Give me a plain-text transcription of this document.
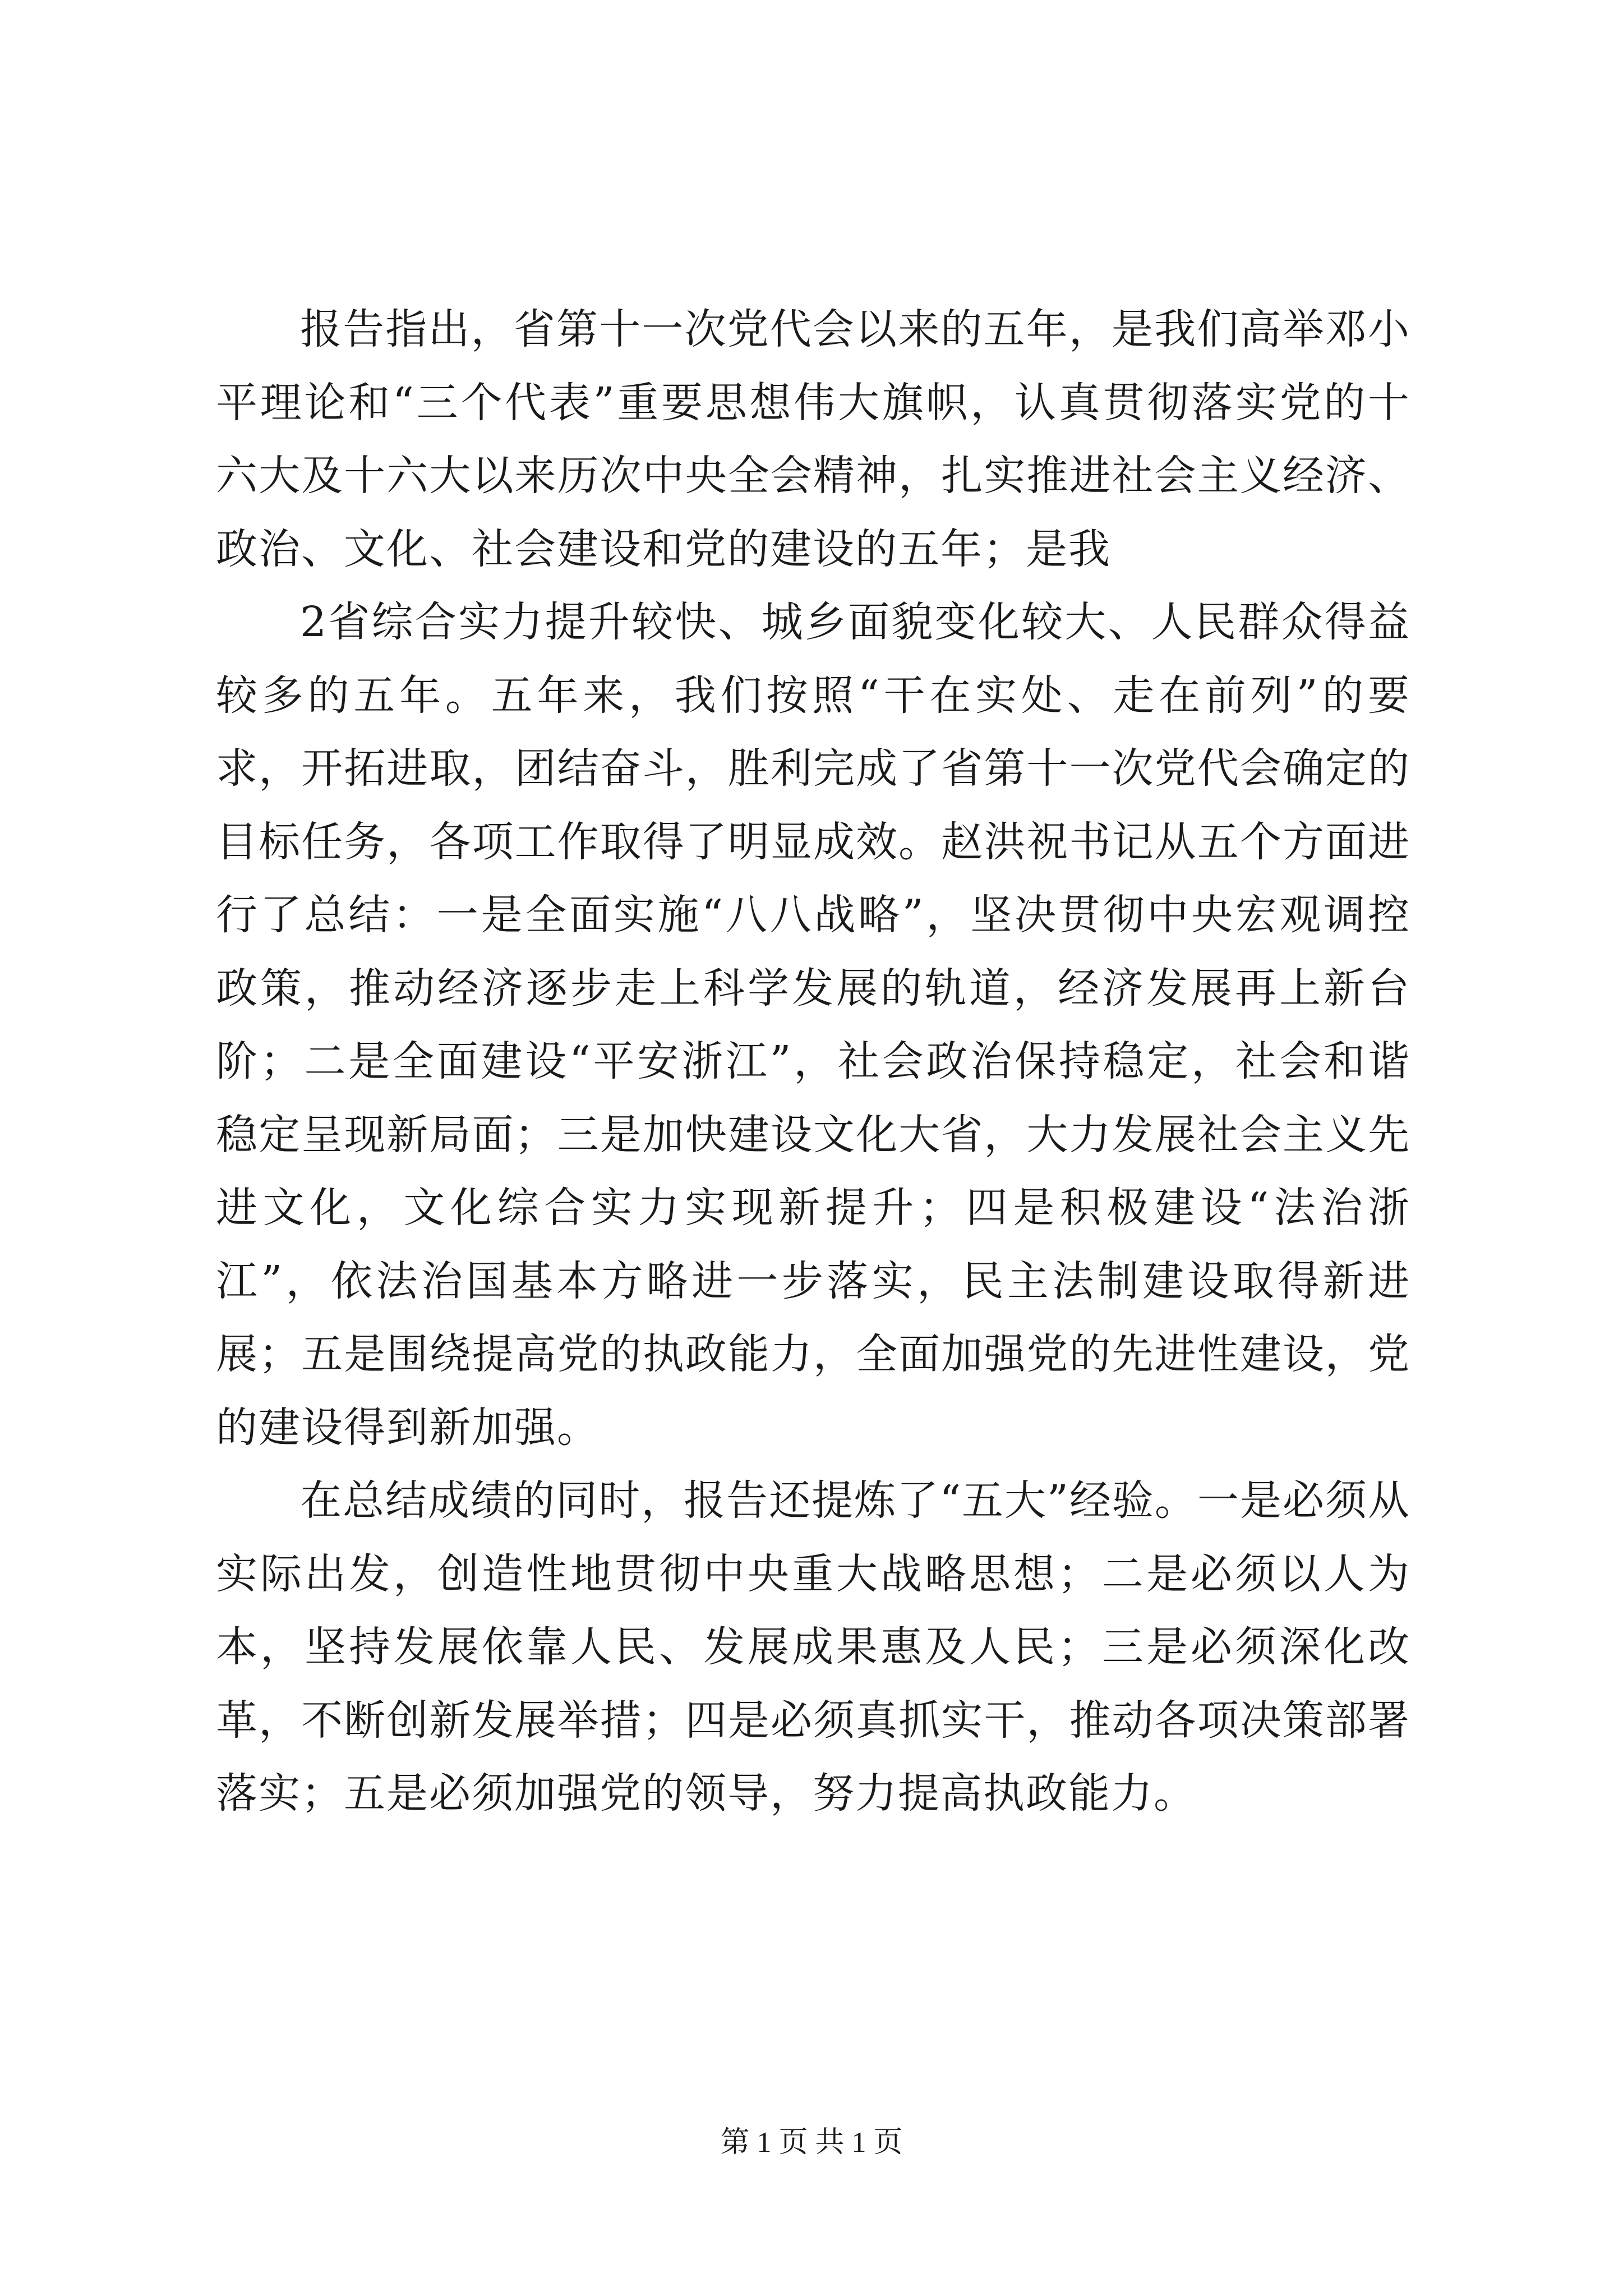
报告指出，省第十一次党代会以来的五年，是我们高举邓小平理论和“三个代表”重要思想伟大旗帜，认真贯彻落实党的十六大及十六大以来历次中央全会精神，扎实推进社会主义经济、政治、文化、社会建设和党的建设的五年；是我

2省综合实力提升较快、城乡面貌变化较大、人民群众得益较多的五年。五年来，我们按照“干在实处、走在前列”的要求，开拓进取，团结奋斗，胜利完成了省第十一次党代会确定的目标任务，各项工作取得了明显成效。赵洪祝书记从五个方面进行了总结：一是全面实施“八八战略”，坚决贯彻中央宏观调控政策，推动经济逐步走上科学发展的轨道，经济发展再上新台阶；二是全面建设“平安浙江”，社会政治保持稳定，社会和谐稳定呈现新局面；三是加快建设文化大省，大力发展社会主义先进文化，文化综合实力实现新提升；四是积极建设“法治浙江”，依法治国基本方略进一步落实，民主法制建设取得新进展；五是围绕提高党的执政能力，全面加强党的先进性建设，党的建设得到新加强。

在总结成绩的同时，报告还提炼了“五大”经验。一是必须从实际出发，创造性地贯彻中央重大战略思想；二是必须以人为本，坚持发展依靠人民、发展成果惠及人民；三是必须深化改革，不断创新发展举措；四是必须真抓实干，推动各项决策部署落实；五是必须加强党的领导，努力提高执政能力。

第 1 页 共 1 页
